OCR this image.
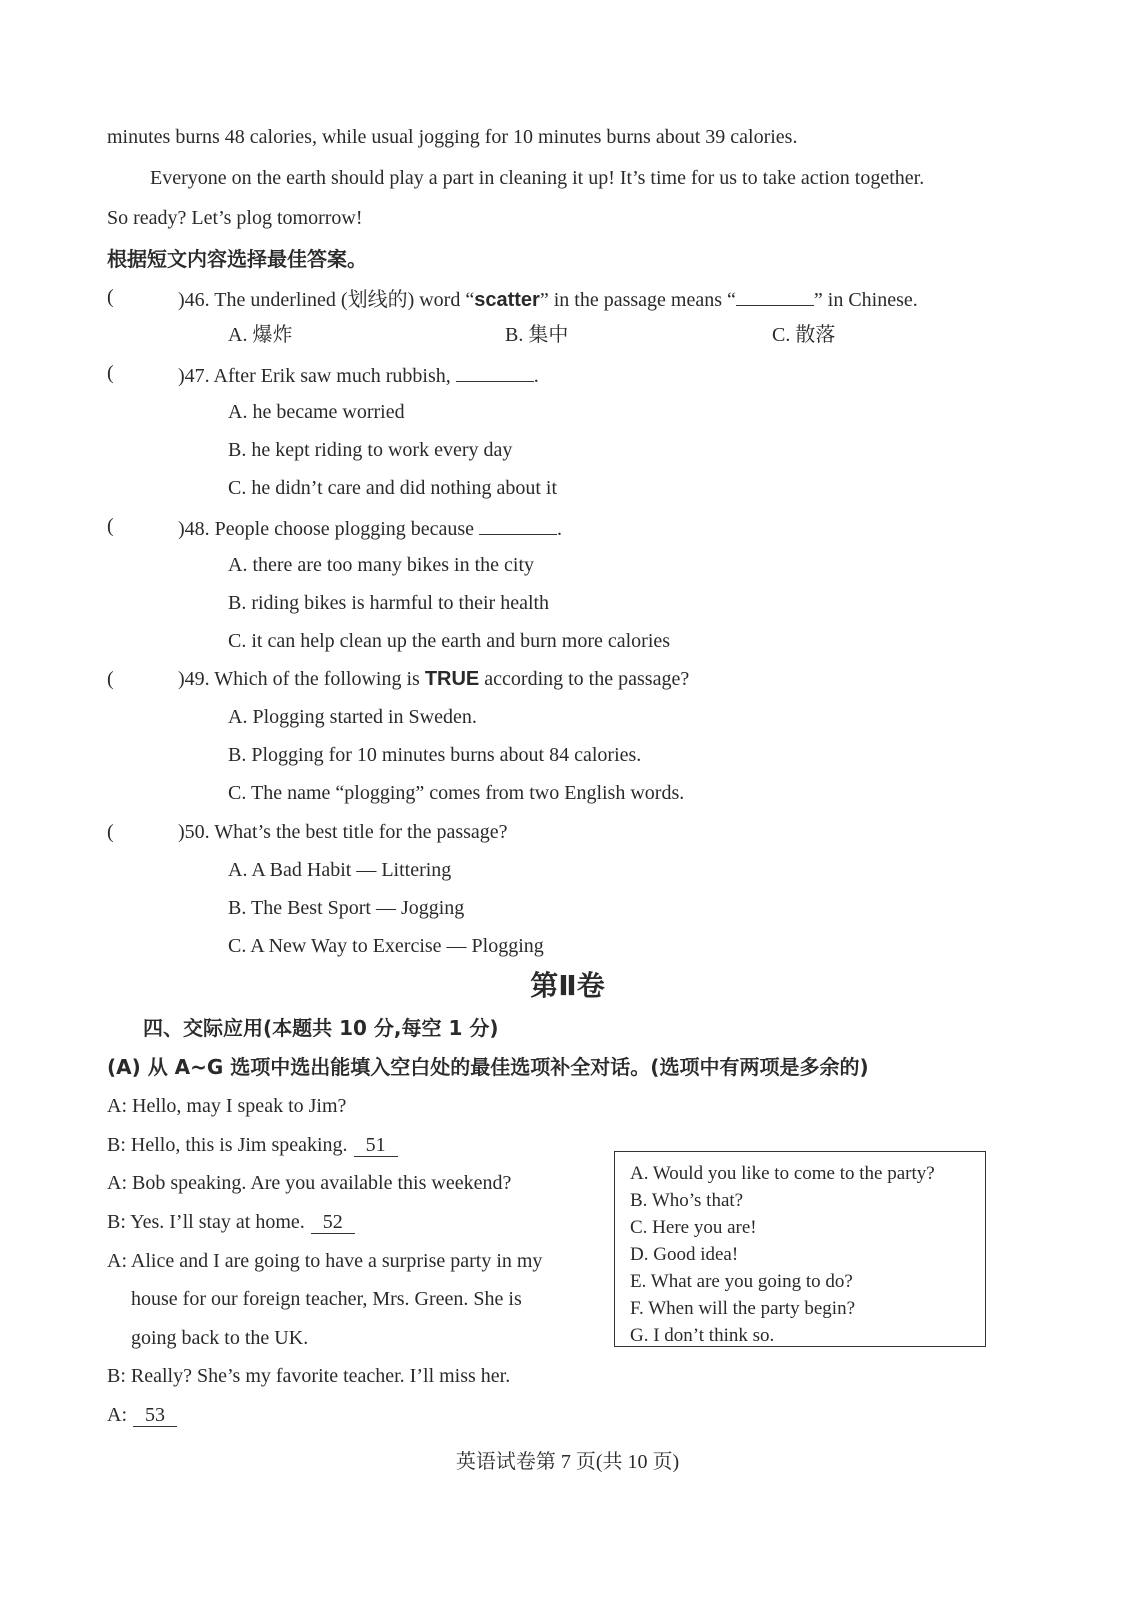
minutes burns 48 calories, while usual jogging for 10 minutes burns about 39 calories.
Everyone on the earth should play a part in cleaning it up! It’s time for us to take action together.
So ready? Let’s plog tomorrow!
根据短文内容选择最佳答案。
(	)46. The underlined (划线的) word “scatter” in the passage means “	” in Chinese.
A. 爆炸	B. 集中	C. 散落
(	)47. After Erik saw much rubbish,	.
A. he became worried
B. he kept riding to work every day
C. he didn’t care and did nothing about it
(	)48. People choose plogging because	.
A. there are too many bikes in the city
B. riding bikes is harmful to their health
C. it can help clean up the earth and burn more calories
(	)49. Which of the following is TRUE according to the passage?
A. Plogging started in Sweden.
B. Plogging for 10 minutes burns about 84 calories.
C. The name “plogging” comes from two English words.
(	)50. What’s the best title for the passage?
A. A Bad Habit — Littering
B. The Best Sport — Jogging
C. A New Way to Exercise — Plogging
第Ⅱ卷
四、交际应用(本题共 10 分,每空 1 分)
(A) 从 A~G 选项中选出能填入空白处的最佳选项补全对话。(选项中有两项是多余的)
A: Hello, may I speak to Jim?
B: Hello, this is Jim speaking. 51
A: Bob speaking. Are you available this weekend?
B: Yes. I’ll stay at home. 52
A: Alice and I are going to have a surprise party in my
house for our foreign teacher, Mrs. Green. She is
going back to the UK.
B: Really? She’s my favorite teacher. I’ll miss her.
A: 53
A. Would you like to come to the party?
B. Who’s that?
C. Here you are!
D. Good idea!
E. What are you going to do?
F. When will the party begin?
G. I don’t think so.
英语试卷第 7 页(共 10 页)
